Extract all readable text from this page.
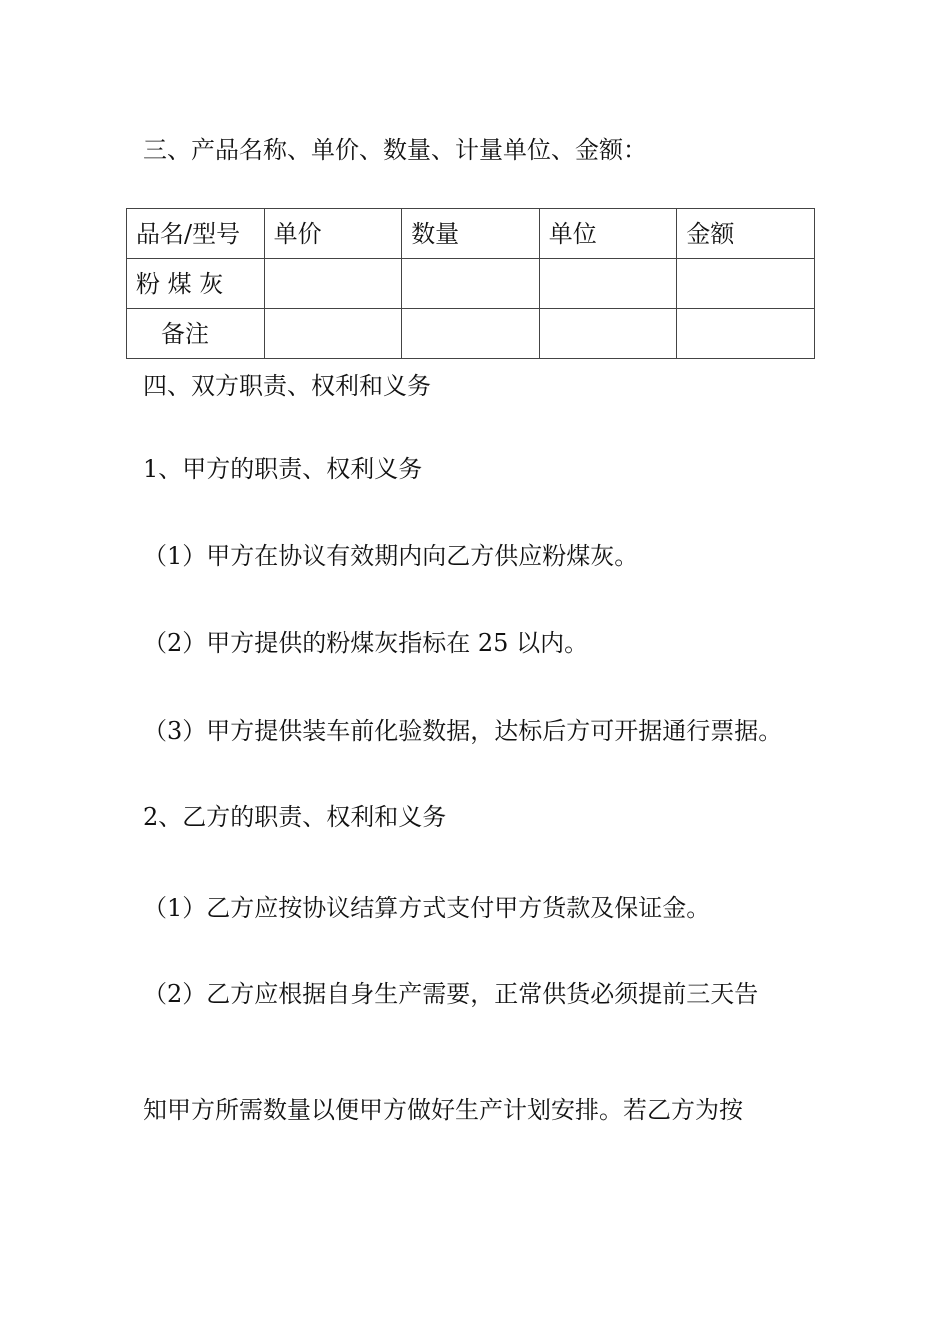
三、产品名称、单价、数量、计量单位、金额：
品名/型号	单价	数量	单位	金额
粉 煤 灰				
备注				
四、双方职责、权利和义务
1、甲方的职责、权利义务
（1）甲方在协议有效期内向乙方供应粉煤灰。
（2）甲方提供的粉煤灰指标在 25 以内。
（3）甲方提供装车前化验数据，达标后方可开据通行票据。
2、乙方的职责、权利和义务
（1）乙方应按协议结算方式支付甲方货款及保证金。
（2）乙方应根据自身生产需要，正常供货必须提前三天告
知甲方所需数量以便甲方做好生产计划安排。若乙方为按
